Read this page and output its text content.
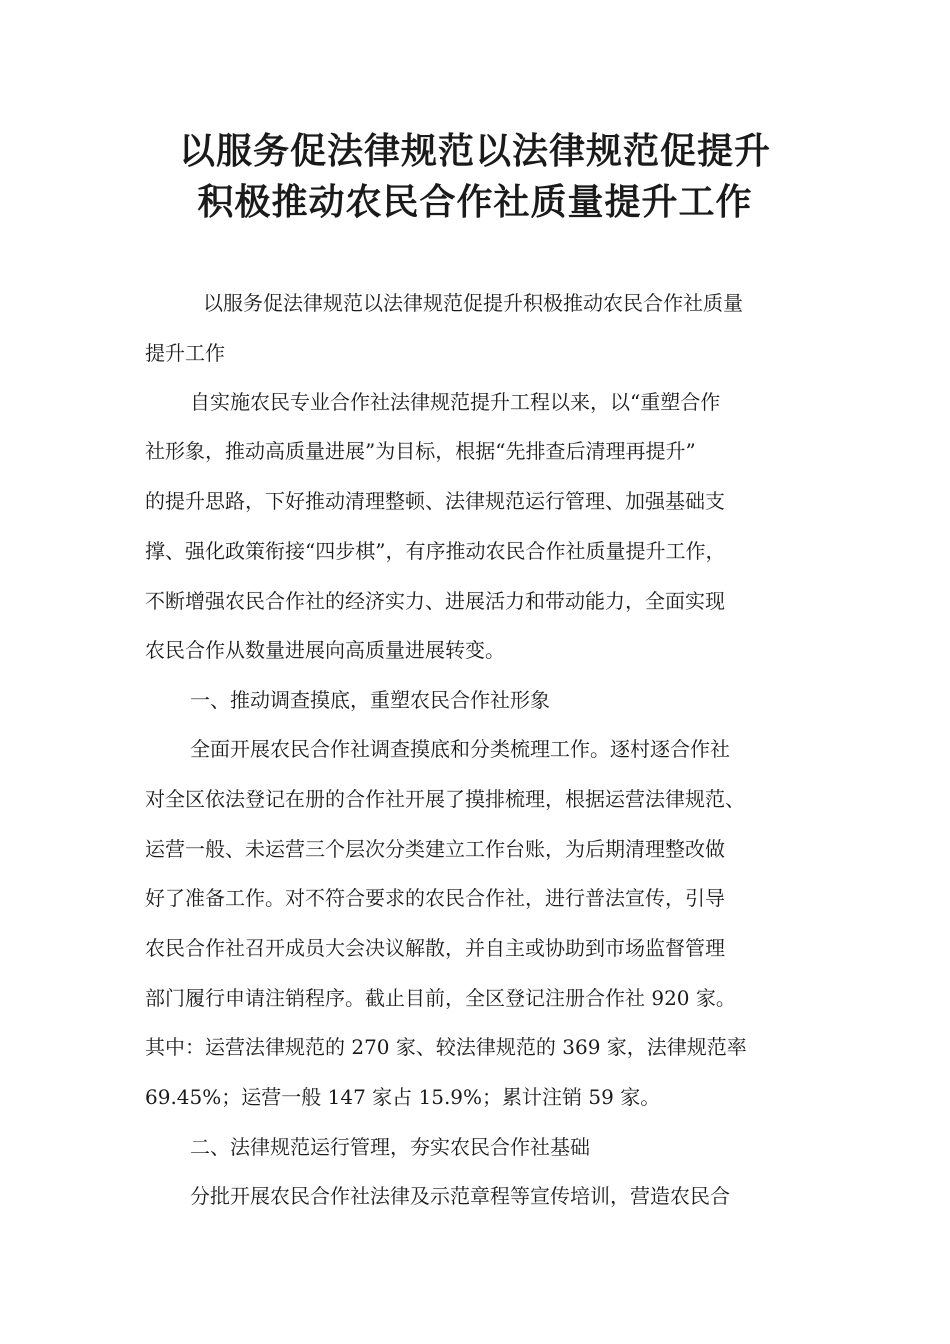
以服务促法律规范以法律规范促提升
积极推动农民合作社质量提升工作

以服务促法律规范以法律规范促提升积极推动农民合作社质量

提升工作

自实施农民专业合作社法律规范提升工程以来，以“重塑合作

社形象，推动高质量进展”为目标，根据“先排查后清理再提升”

的提升思路，下好推动清理整顿、法律规范运行管理、加强基础支

撑、强化政策衔接“四步棋”，有序推动农民合作社质量提升工作，

不断增强农民合作社的经济实力、进展活力和带动能力，全面实现

农民合作从数量进展向高质量进展转变。

一、推动调查摸底，重塑农民合作社形象

全面开展农民合作社调查摸底和分类梳理工作。逐村逐合作社

对全区依法登记在册的合作社开展了摸排梳理，根据运营法律规范、

运营一般、未运营三个层次分类建立工作台账，为后期清理整改做

好了准备工作。对不符合要求的农民合作社，进行普法宣传，引导

农民合作社召开成员大会决议解散，并自主或协助到市场监督管理

部门履行申请注销程序。截止目前，全区登记注册合作社 920 家。

其中：运营法律规范的 270 家、较法律规范的 369 家，法律规范率

69.45%；运营一般 147 家占 15.9%；累计注销 59 家。

二、法律规范运行管理，夯实农民合作社基础

分批开展农民合作社法律及示范章程等宣传培训，营造农民合
